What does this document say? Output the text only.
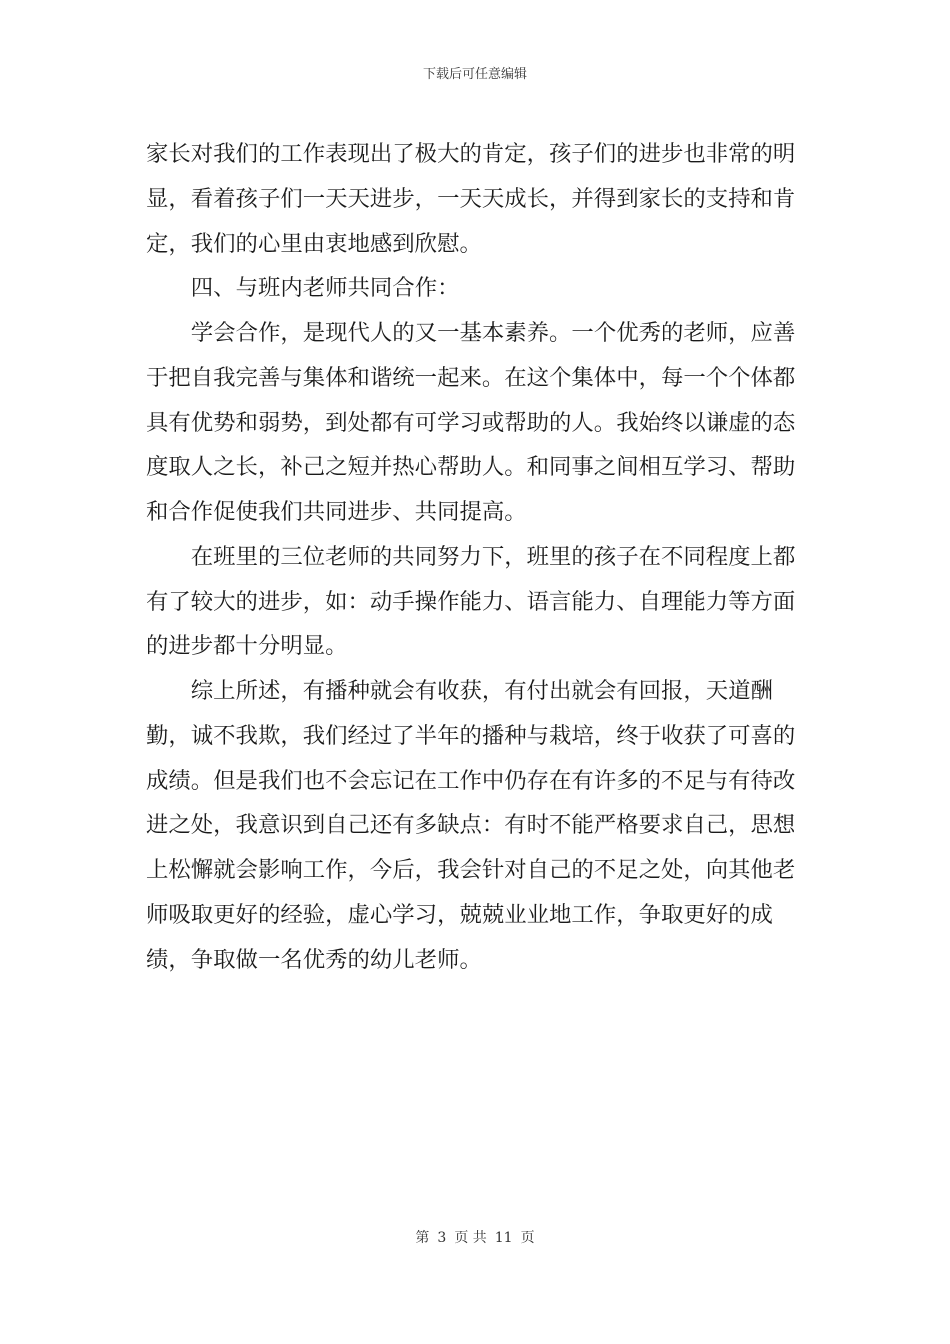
下载后可任意编辑

家长对我们的工作表现出了极大的肯定，孩子们的进步也非常的明显，看着孩子们一天天进步，一天天成长，并得到家长的支持和肯定，我们的心里由衷地感到欣慰。

四、与班内老师共同合作：

学会合作，是现代人的又一基本素养。一个优秀的老师，应善于把自我完善与集体和谐统一起来。在这个集体中，每一个个体都具有优势和弱势，到处都有可学习或帮助的人。我始终以谦虚的态度取人之长，补己之短并热心帮助人。和同事之间相互学习、帮助和合作促使我们共同进步、共同提高。

在班里的三位老师的共同努力下，班里的孩子在不同程度上都有了较大的进步，如：动手操作能力、语言能力、自理能力等方面的进步都十分明显。

综上所述，有播种就会有收获，有付出就会有回报，天道酬勤，诚不我欺，我们经过了半年的播种与栽培，终于收获了可喜的成绩。但是我们也不会忘记在工作中仍存在有许多的不足与有待改进之处，我意识到自己还有多缺点：有时不能严格要求自己，思想上松懈就会影响工作，今后，我会针对自己的不足之处，向其他老师吸取更好的经验，虚心学习，兢兢业业地工作，争取更好的成绩，争取做一名优秀的幼儿老师。

第 3 页 共 11 页
